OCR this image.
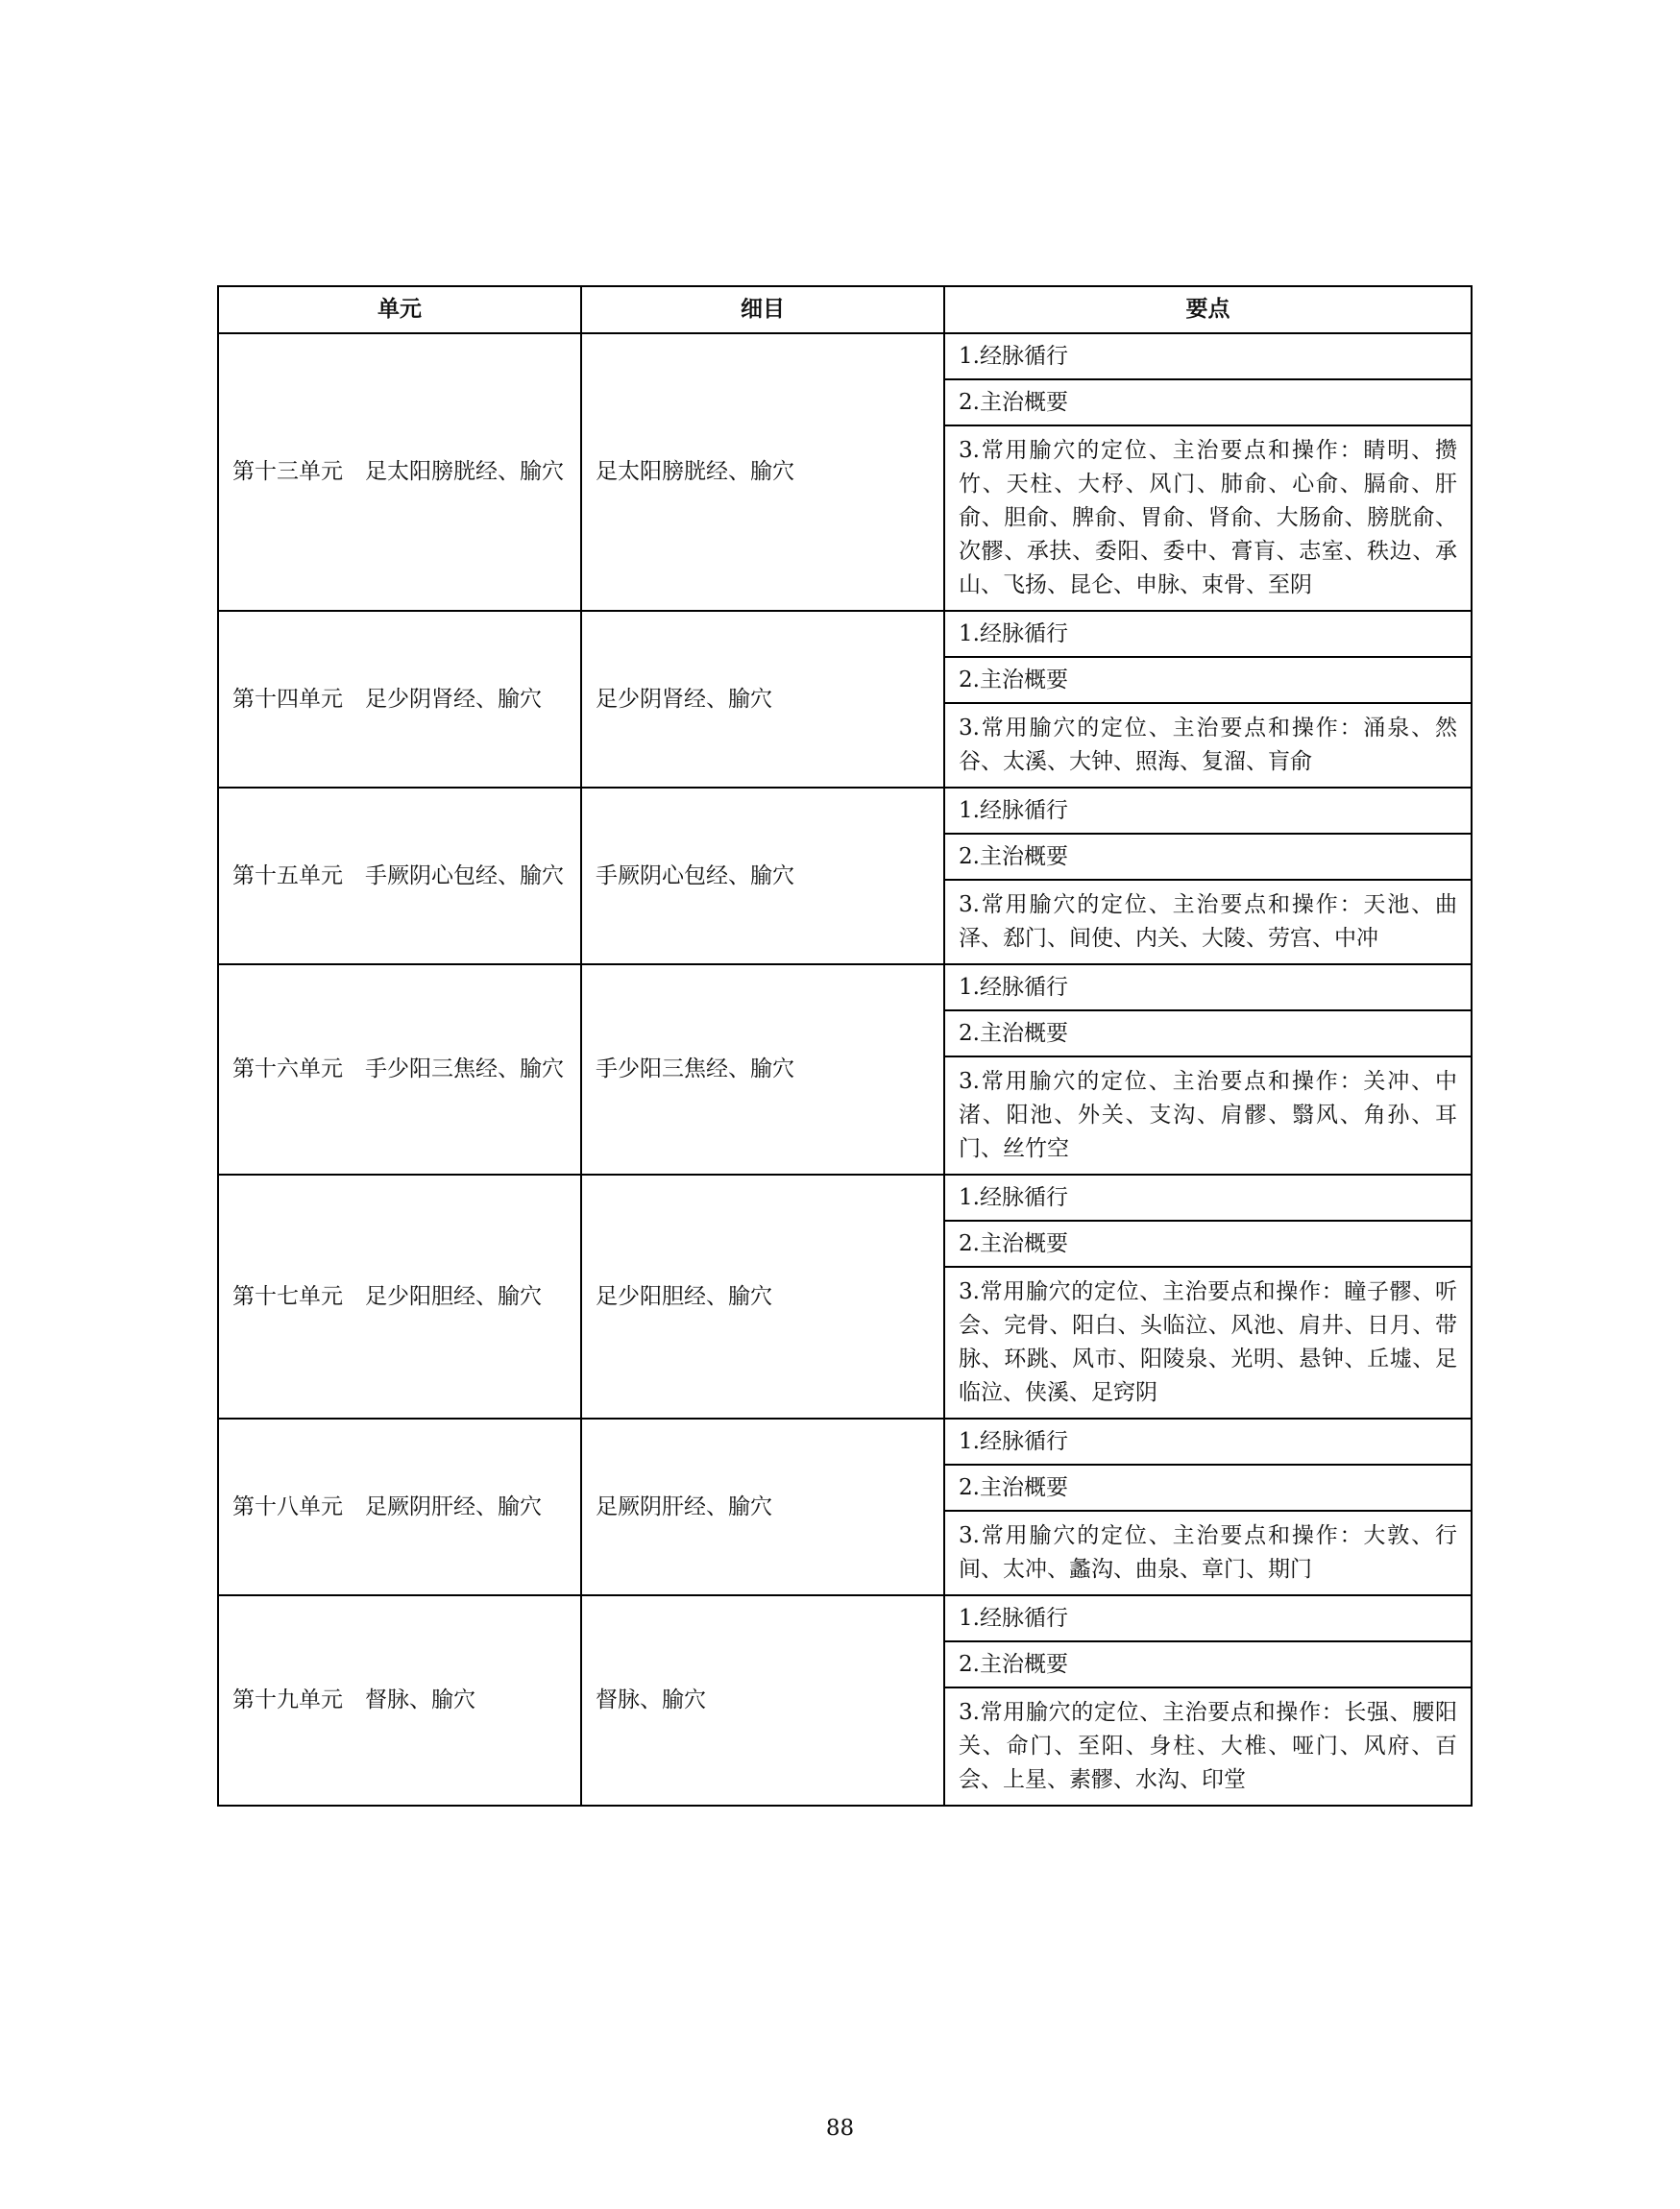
单元	细目	要点
第十三单元　足太阳膀胱经、腧穴	足太阳膀胱经、腧穴	1.经脉循行
		2.主治概要
		3.常用腧穴的定位、主治要点和操作：睛明、攒竹、天柱、大杼、风门、肺俞、心俞、膈俞、肝俞、胆俞、脾俞、胃俞、肾俞、大肠俞、膀胱俞、次髎、承扶、委阳、委中、膏肓、志室、秩边、承山、飞扬、昆仑、申脉、束骨、至阴
第十四单元　足少阴肾经、腧穴	足少阴肾经、腧穴	1.经脉循行
		2.主治概要
		3.常用腧穴的定位、主治要点和操作：涌泉、然谷、太溪、大钟、照海、复溜、肓俞
第十五单元　手厥阴心包经、腧穴	手厥阴心包经、腧穴	1.经脉循行
		2.主治概要
		3.常用腧穴的定位、主治要点和操作：天池、曲泽、郄门、间使、内关、大陵、劳宫、中冲
第十六单元　手少阳三焦经、腧穴	手少阳三焦经、腧穴	1.经脉循行
		2.主治概要
		3.常用腧穴的定位、主治要点和操作：关冲、中渚、阳池、外关、支沟、肩髎、翳风、角孙、耳门、丝竹空
第十七单元　足少阳胆经、腧穴	足少阳胆经、腧穴	1.经脉循行
		2.主治概要
		3.常用腧穴的定位、主治要点和操作：瞳子髎、听会、完骨、阳白、头临泣、风池、肩井、日月、带脉、环跳、风市、阳陵泉、光明、悬钟、丘墟、足临泣、侠溪、足窍阴
第十八单元　足厥阴肝经、腧穴	足厥阴肝经、腧穴	1.经脉循行
		2.主治概要
		3.常用腧穴的定位、主治要点和操作：大敦、行间、太冲、蠡沟、曲泉、章门、期门
第十九单元　督脉、腧穴	督脉、腧穴	1.经脉循行
		2.主治概要
		3.常用腧穴的定位、主治要点和操作：长强、腰阳关、命门、至阳、身柱、大椎、哑门、风府、百会、上星、素髎、水沟、印堂
88
